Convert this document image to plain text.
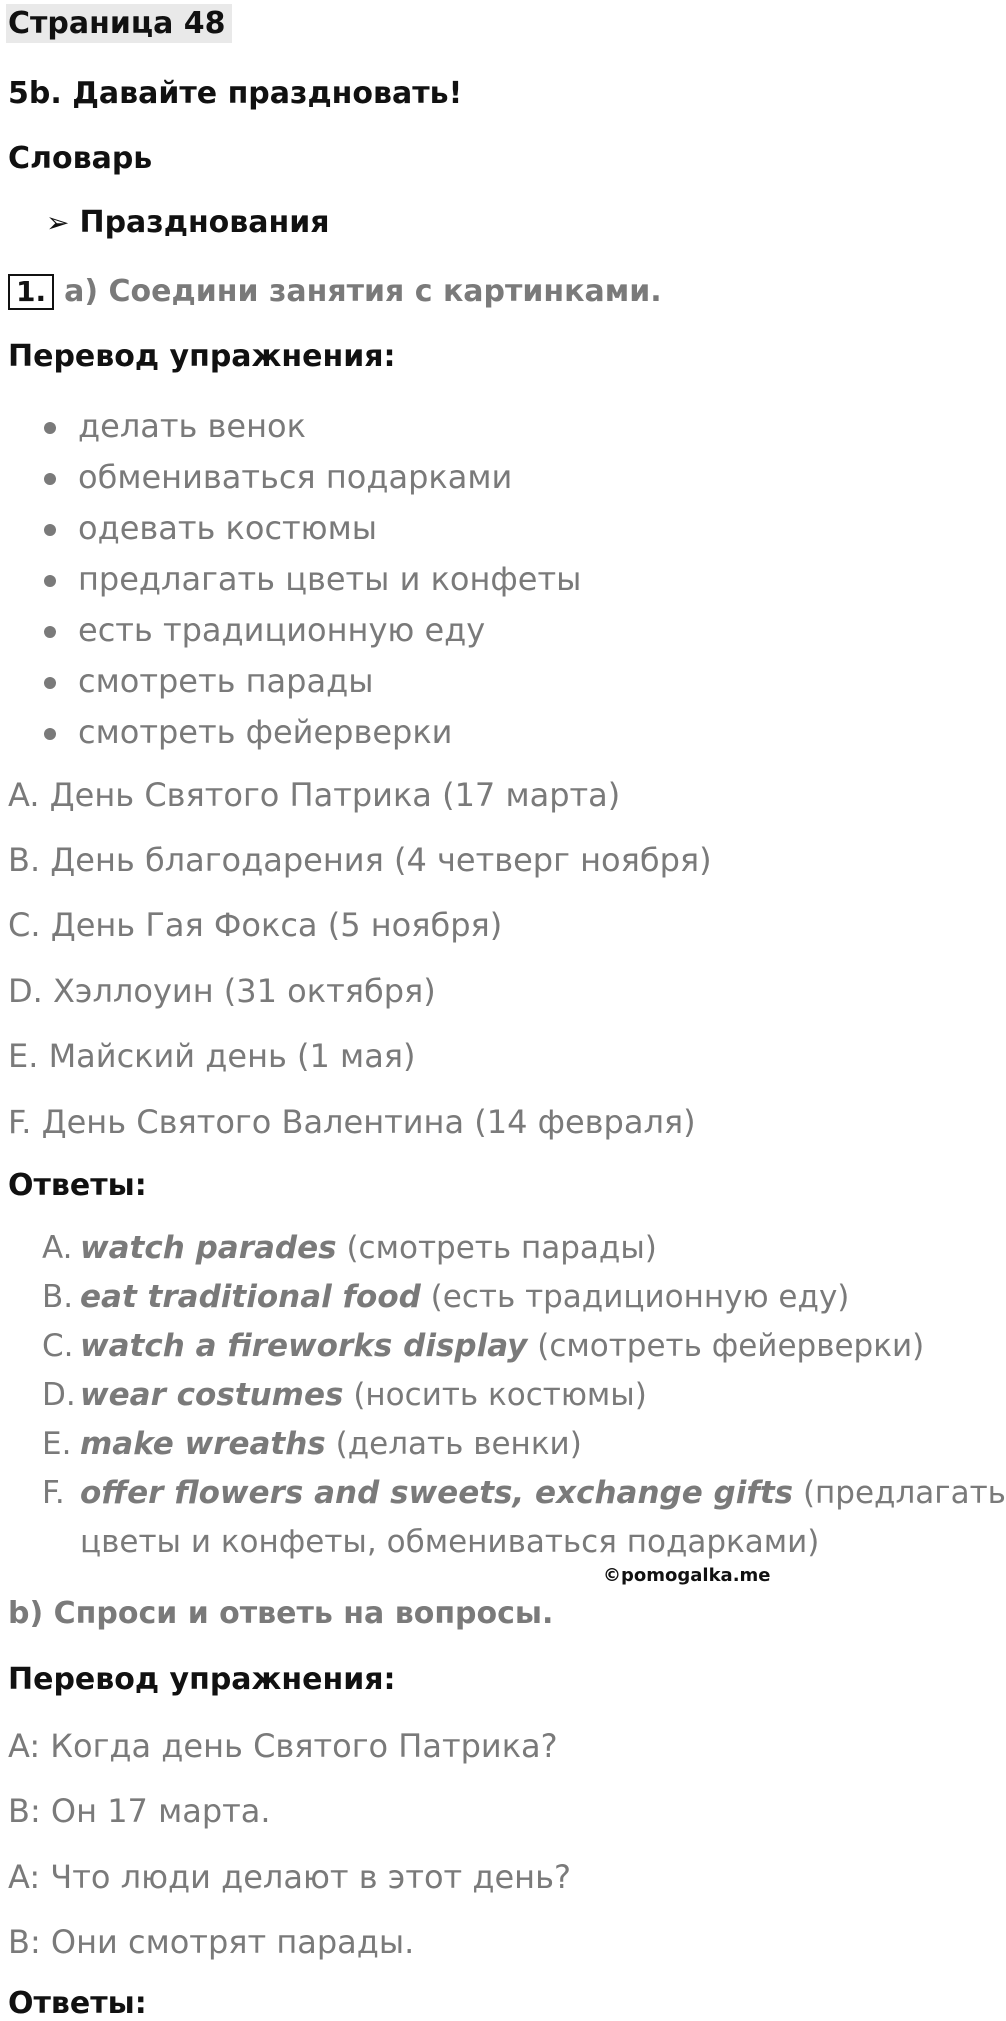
Страница 48
5b. Давайте праздновать!
Словарь
➢ Празднования
1. a) Соедини занятия с картинками.
Перевод упражнения:
делать венок
обмениваться подарками
одевать костюмы
предлагать цветы и конфеты
есть традиционную еду
смотреть парады
смотреть фейерверки
A. День Святого Патрика (17 марта)
B. День благодарения (4 четверг ноября)
C. День Гая Фокса (5 ноября)
D. Хэллоуин (31 октября)
E. Майский день (1 мая)
F. День Святого Валентина (14 февраля)
Ответы:
A. watch parades (смотреть парады)
B. eat traditional food (есть традиционную еду)
C. watch a fireworks display (смотреть фейерверки)
D. wear costumes (носить костюмы)
E. make wreaths (делать венки)
F. offer flowers and sweets, exchange gifts (предлагать
цветы и конфеты, обмениваться подарками)
©pomogalka.me
b) Спроси и ответь на вопросы.
Перевод упражнения:
A: Когда день Святого Патрика?
B: Он 17 марта.
A: Что люди делают в этот день?
B: Они смотрят парады.
Ответы:
